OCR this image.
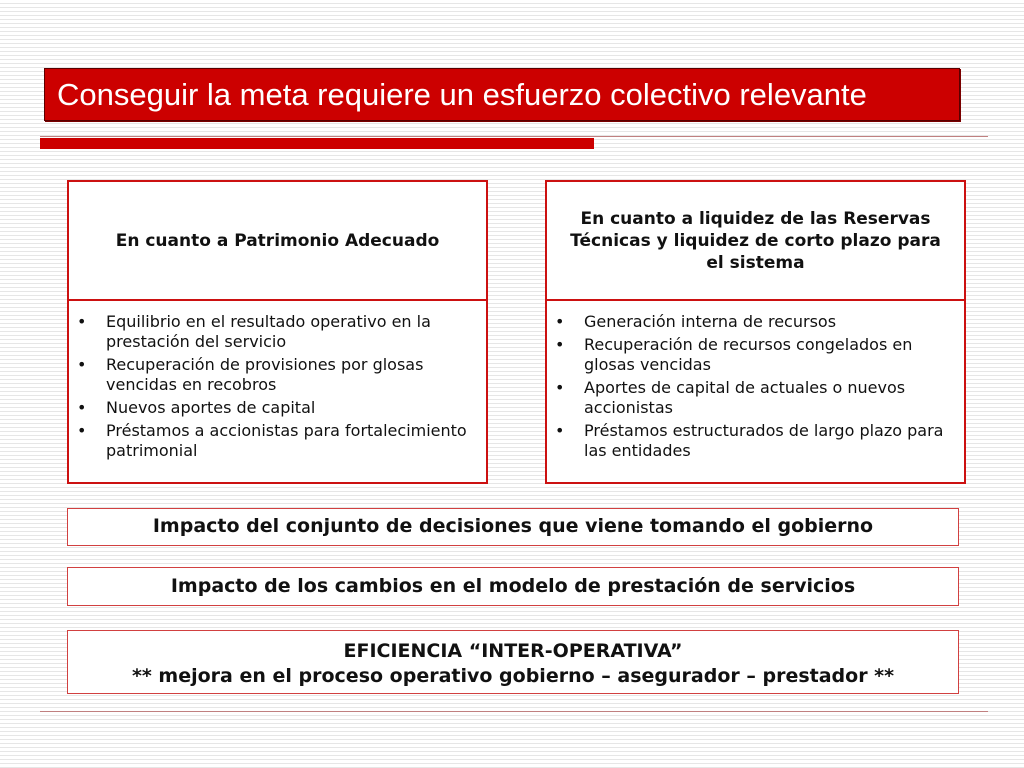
Conseguir la meta requiere un esfuerzo colectivo relevante
En cuanto a Patrimonio Adecuado
• Equilibrio en el resultado operativo en la prestación del servicio
• Recuperación de provisiones por glosas vencidas en recobros
• Nuevos aportes de capital
• Préstamos a accionistas para fortalecimiento patrimonial
En cuanto a liquidez de las Reservas Técnicas y liquidez de corto plazo para el sistema
• Generación interna de recursos
• Recuperación de recursos congelados en glosas vencidas
• Aportes de capital de actuales o nuevos accionistas
• Préstamos estructurados de largo plazo para las entidades
Impacto del conjunto de decisiones que viene tomando el gobierno
Impacto de los cambios en el modelo de prestación de servicios
EFICIENCIA “INTER-OPERATIVA”
** mejora en el proceso operativo gobierno – asegurador – prestador **
